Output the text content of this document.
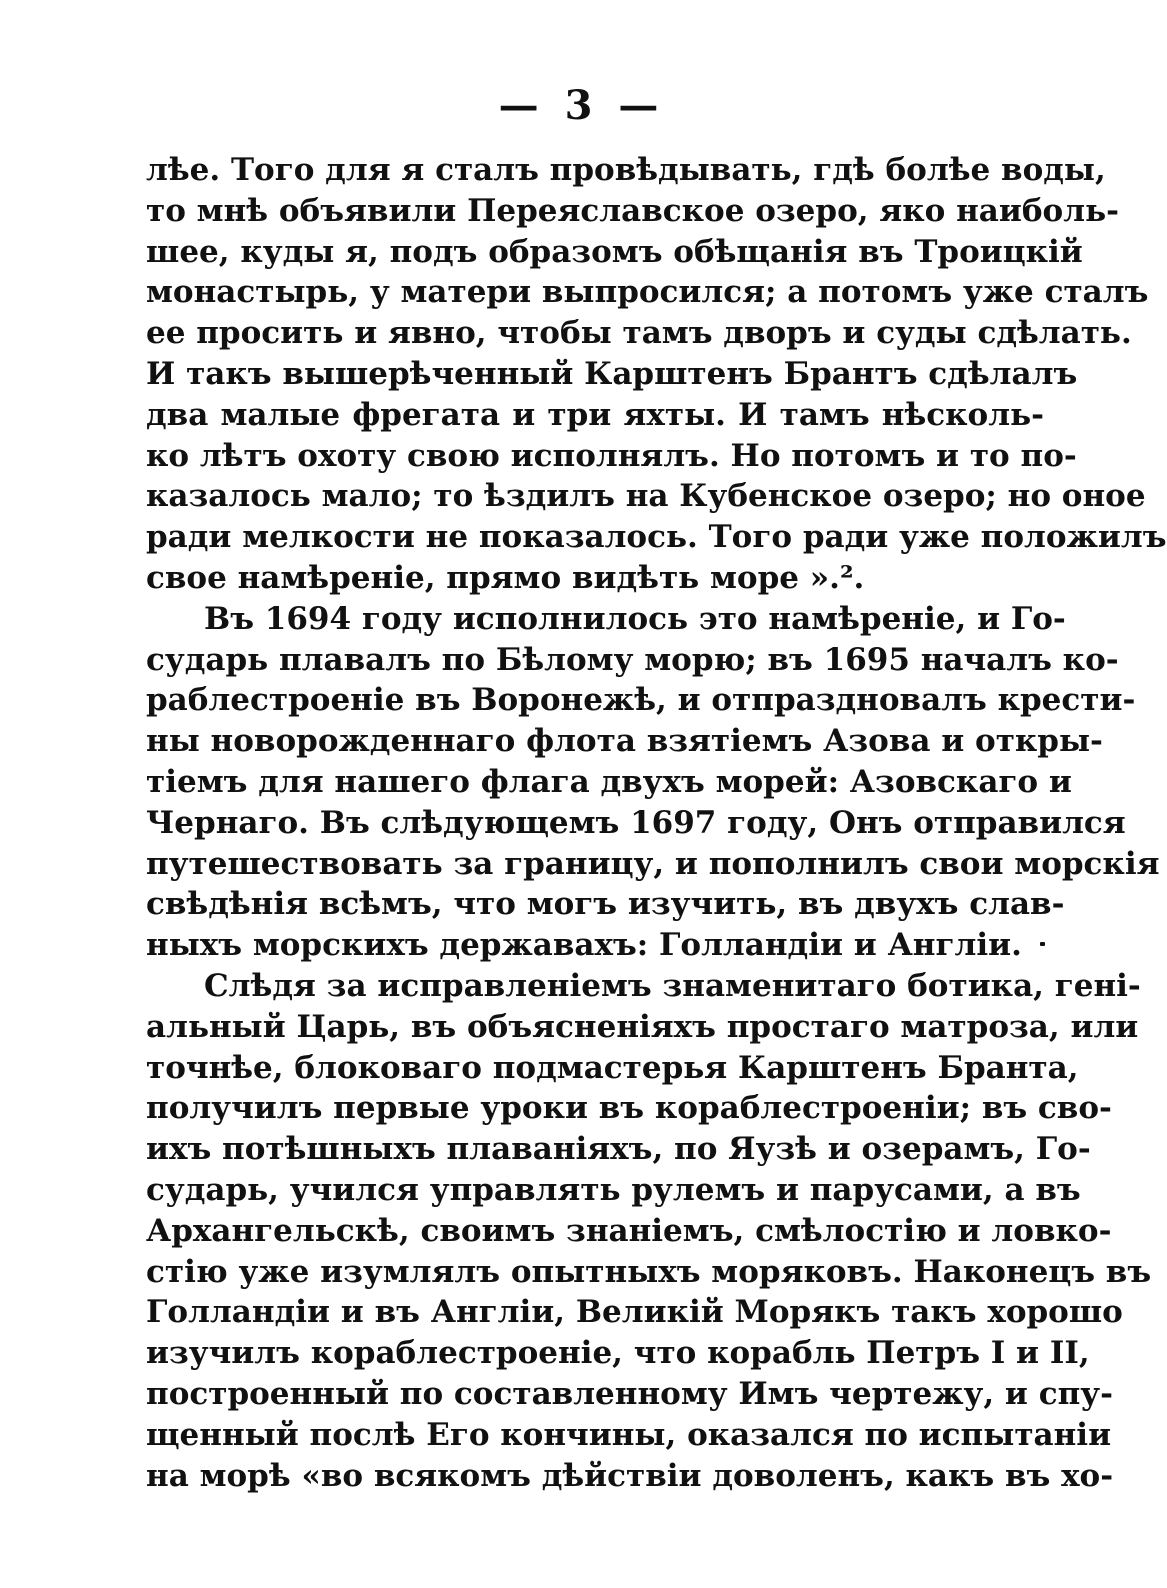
— 3 —
лѣе. Того для я сталъ провѣдывать, гдѣ болѣе воды,
то мнѣ объявили Переяславское озеро, яко наиболь-
шее, куды я, подъ образомъ обѣщанія въ Троицкій
монастырь, у матери выпросился; а потомъ уже сталъ
ее просить и явно, чтобы тамъ дворъ и суды сдѣлать.
И такъ вышерѣченный Карштенъ Брантъ сдѣлалъ
два малые фрегата и три яхты. И тамъ нѣсколь-
ко лѣтъ охоту свою исполнялъ. Но потомъ и то по-
казалось мало; то ѣздилъ на Кубенское озеро; но оное
ради мелкости не показалось. Того ради уже положилъ
свое намѣреніе, прямо видѣть море ».².
Въ 1694 году исполнилось это намѣреніе, и Го-
сударь плавалъ по Бѣлому морю; въ 1695 началъ ко-
раблестроеніе въ Воронежѣ, и отпраздновалъ крести-
ны новорожденнаго флота взятіемъ Азова и откры-
тіемъ для нашего флага двухъ морей: Азовскаго и
Чернаго. Въ слѣдующемъ 1697 году, Онъ отправился
путешествовать за границу, и пополнилъ свои морскія
свѣдѣнія всѣмъ, что могъ изучить, въ двухъ слав-
ныхъ морскихъ державахъ: Голландіи и Англіи.
Слѣдя за исправленіемъ знаменитаго ботика, гені-
альный Царь, въ объясненіяхъ простаго матроза, или
точнѣе, блоковаго подмастерья Карштенъ Бранта,
получилъ первые уроки въ кораблестроеніи; въ сво-
ихъ потѣшныхъ плаваніяхъ, по Яузѣ и озерамъ, Го-
сударь, учился управлять рулемъ и парусами, а въ
Архангельскѣ, своимъ знаніемъ, смѣлостію и ловко-
стію уже изумлялъ опытныхъ моряковъ. Наконецъ въ
Голландіи и въ Англіи, Великій Морякъ такъ хорошо
изучилъ кораблестроеніе, что корабль Петръ I и II,
построенный по составленному Имъ чертежу, и спу-
щенный послѣ Его кончины, оказался по испытаніи
на морѣ «во всякомъ дѣйствіи доволенъ, какъ въ хо-
